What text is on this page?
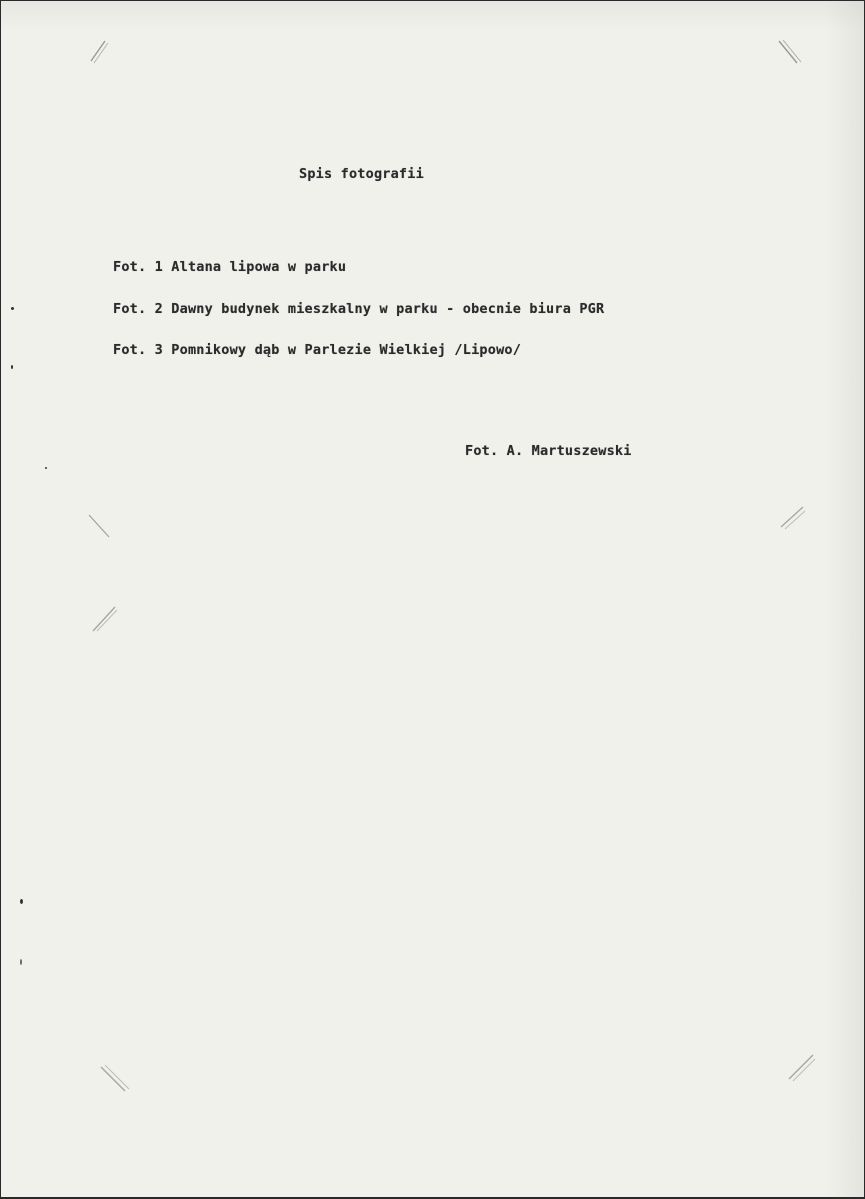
Spis fotografii
Fot. 1 Altana lipowa w parku
Fot. 2 Dawny budynek mieszkalny w parku - obecnie biura PGR
Fot. 3 Pomnikowy dąb w Parlezie Wielkiej /Lipowo/
Fot. A. Martuszewski
